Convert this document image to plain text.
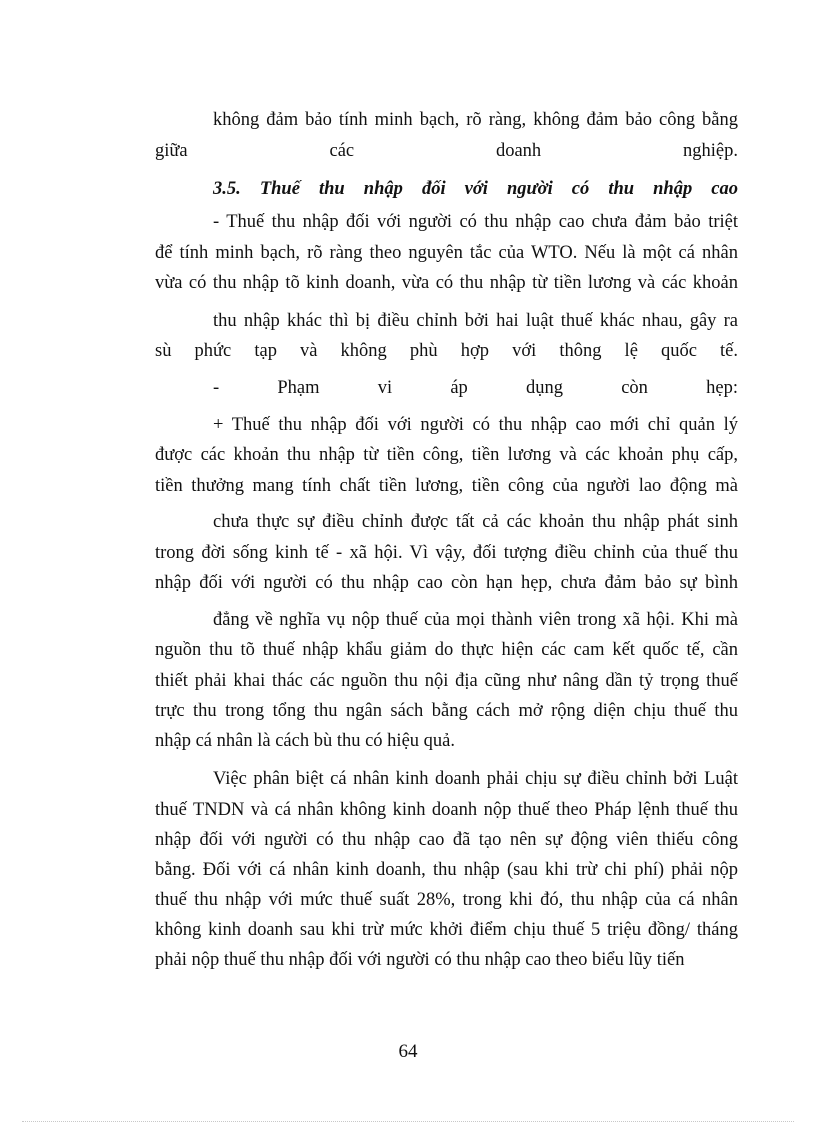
không đảm bảo tính minh bạch, rõ ràng, không đảm bảo công bằng
giữa các doanh nghiệp.
3.5. Thuế thu nhập đối với người có thu nhập cao
- Thuế thu nhập đối với người có thu nhập cao chưa đảm bảo triệt
để tính minh bạch, rõ ràng theo nguyên tắc của WTO. Nếu là một cá nhân
vừa có thu nhập tõ kinh doanh, vừa có thu nhập từ tiền lương và các khoản
thu nhập khác thì bị điều chỉnh bởi hai luật thuế khác nhau, gây ra
sù phức tạp và không phù hợp với thông lệ quốc tế.
- Phạm vi áp dụng còn hẹp:
+ Thuế thu nhập đối với người có thu nhập cao mới chỉ quản lý
được các khoản thu nhập từ tiền công, tiền lương và các khoản phụ cấp,
tiền thưởng mang tính chất tiền lương, tiền công của người lao động mà
chưa thực sự điều chỉnh được tất cả các khoản thu nhập phát sinh
trong đời sống kinh tế - xã hội. Vì vậy, đối tượng điều chỉnh của thuế thu
nhập đối với người có thu nhập cao còn hạn hẹp, chưa đảm bảo sự bình
đẳng về nghĩa vụ nộp thuế của mọi thành viên trong xã hội. Khi mà
nguồn thu tõ thuế nhập khẩu giảm do thực hiện các cam kết quốc tế, cần
thiết phải khai thác các nguồn thu nội địa cũng như nâng dần tỷ trọng thuế
trực thu trong tổng thu ngân sách bằng cách mở rộng diện chịu thuế thu
nhập cá nhân là cách bù thu có hiệu quả.
Việc phân biệt cá nhân kinh doanh phải chịu sự điều chỉnh bởi Luật
thuế TNDN và cá nhân không kinh doanh nộp thuế theo Pháp lệnh thuế thu
nhập đối với người có thu nhập cao đã tạo nên sự động viên thiếu công
bằng. Đối với cá nhân kinh doanh, thu nhập (sau khi trừ chi phí) phải nộp
thuế thu nhập với mức thuế suất 28%, trong khi đó, thu nhập của cá nhân
không kinh doanh sau khi trừ mức khởi điểm chịu thuế 5 triệu đồng/ tháng
phải nộp thuế thu nhập đối với người có thu nhập cao theo biểu lũy tiến
64
